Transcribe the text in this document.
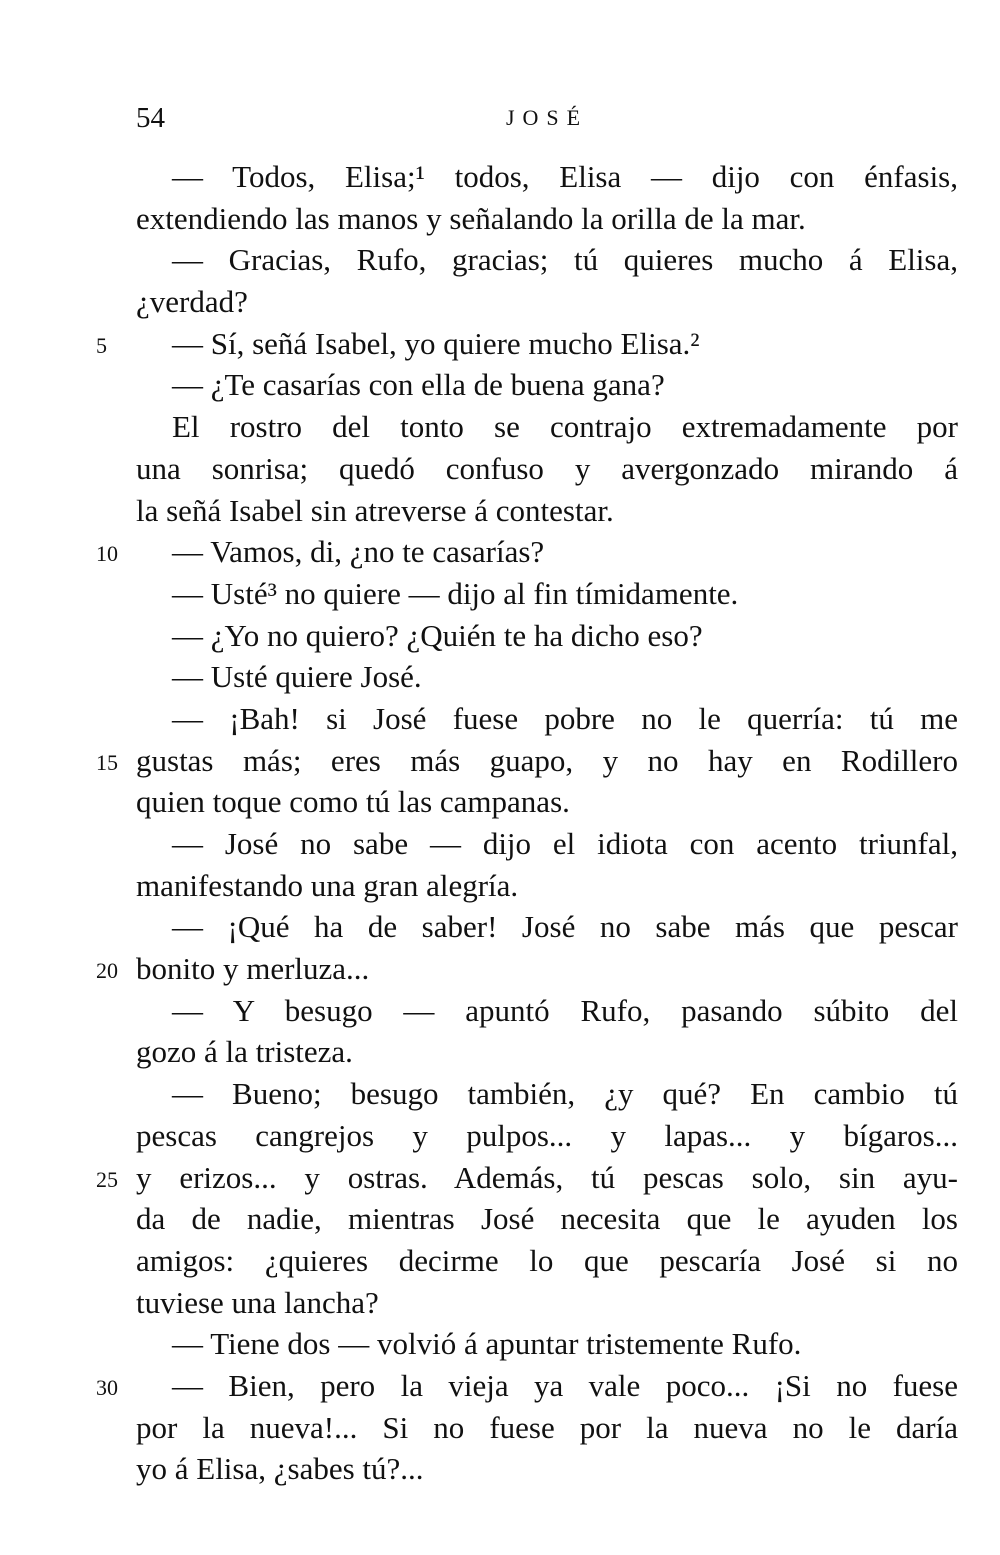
54	JOSÉ
— Todos, Elisa;¹ todos, Elisa — dijo con énfasis,
extendiendo las manos y señalando la orilla de la mar.
— Gracias, Rufo, gracias; tú quieres mucho á Elisa,
¿verdad?
5	— Sí, señá Isabel, yo quiere mucho Elisa.²
— ¿Te casarías con ella de buena gana?
El rostro del tonto se contrajo extremadamente por
una sonrisa; quedó confuso y avergonzado mirando á
la señá Isabel sin atreverse á contestar.
10 — Vamos, di, ¿no te casarías?
— Usté³ no quiere — dijo al fin tímidamente.
— ¿Yo no quiero? ¿Quién te ha dicho eso?
— Usté quiere José.
— ¡Bah! si José fuese pobre no le querría: tú me
15 gustas más; eres más guapo, y no hay en Rodillero
quien toque como tú las campanas.
— José no sabe — dijo el idiota con acento triunfal,
manifestando una gran alegría.
— ¡Qué ha de saber! José no sabe más que pescar
20 bonito y merluza...
— Y besugo — apuntó Rufo, pasando súbito del
gozo á la tristeza.
— Bueno; besugo también, ¿y qué? En cambio tú
pescas cangrejos y pulpos... y lapas... y bígaros...
25 y erizos... y ostras. Además, tú pescas solo, sin ayu-
da de nadie, mientras José necesita que le ayuden los
amigos: ¿quieres decirme lo que pescaría José si no
tuviese una lancha?
— Tiene dos — volvió á apuntar tristemente Rufo.
30 — Bien, pero la vieja ya vale poco... ¡Si no fuese
por la nueva!... Si no fuese por la nueva no le daría
yo á Elisa, ¿sabes tú?...
